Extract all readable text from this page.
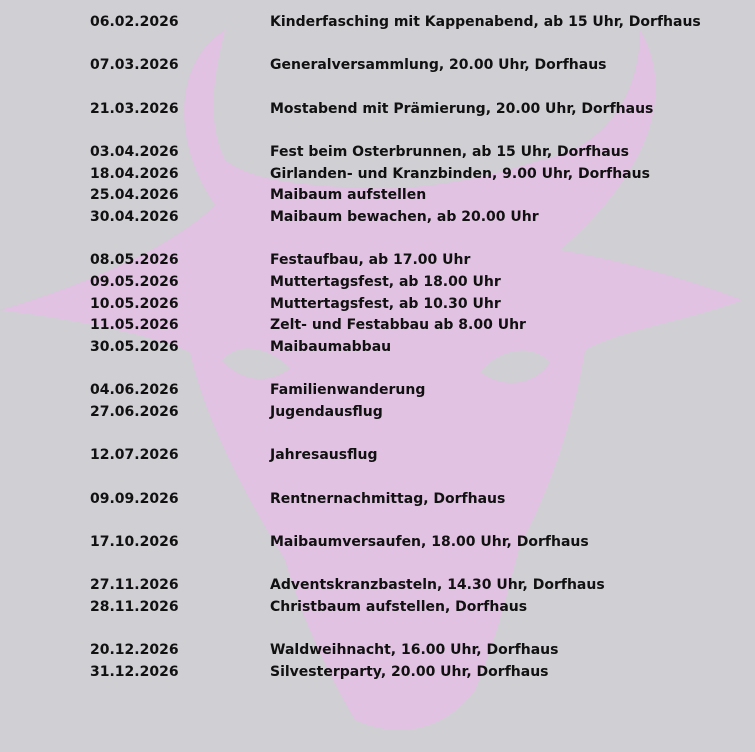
06.02.2026	Kinderfasching mit Kappenabend, ab 15 Uhr, Dorfhaus
07.03.2026	Generalversammlung, 20.00 Uhr, Dorfhaus
21.03.2026	Mostabend mit Prämierung, 20.00 Uhr, Dorfhaus
03.04.2026	Fest beim Osterbrunnen, ab 15 Uhr, Dorfhaus
18.04.2026	Girlanden- und Kranzbinden, 9.00 Uhr, Dorfhaus
25.04.2026	Maibaum aufstellen
30.04.2026	Maibaum bewachen, ab 20.00 Uhr
08.05.2026	Festaufbau, ab 17.00 Uhr
09.05.2026	Muttertagsfest, ab 18.00 Uhr
10.05.2026	Muttertagsfest, ab 10.30 Uhr
11.05.2026	Zelt- und Festabbau ab 8.00 Uhr
30.05.2026	Maibaumabbau
04.06.2026	Familienwanderung
27.06.2026	Jugendausflug
12.07.2026	Jahresausflug
09.09.2026	Rentnernachmittag, Dorfhaus
17.10.2026	Maibaumversaufen, 18.00 Uhr, Dorfhaus
27.11.2026	Adventskranzbasteln, 14.30 Uhr, Dorfhaus
28.11.2026	Christbaum aufstellen, Dorfhaus
20.12.2026	Waldweihnacht, 16.00 Uhr, Dorfhaus
31.12.2026	Silvesterparty, 20.00 Uhr, Dorfhaus
